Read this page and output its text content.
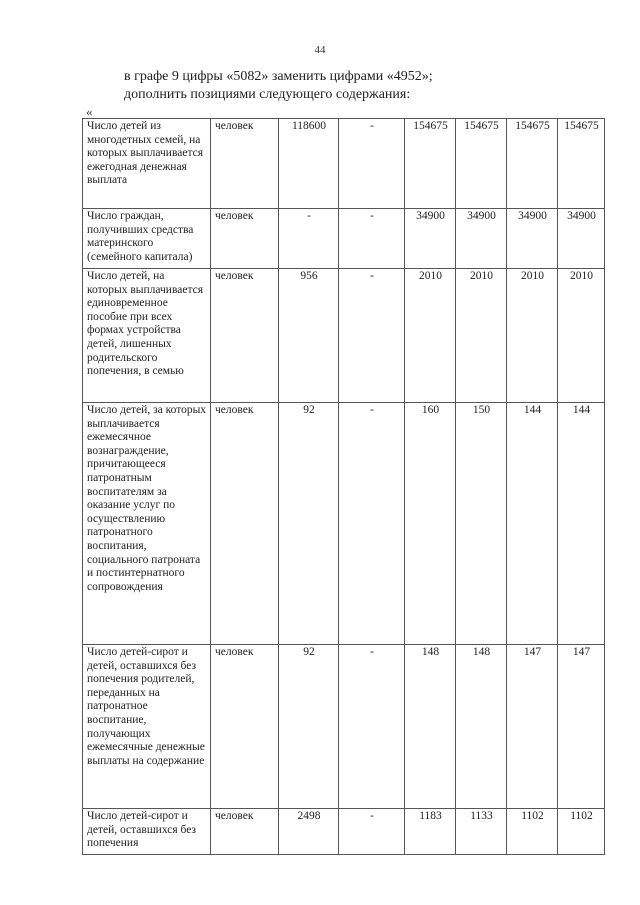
44
в графе 9 цифры «5082» заменить цифрами «4952»;
дополнить позициями следующего содержания:
«
Число детей из многодетных семей, на которых выплачивается ежегодная денежная выплата	человек	118600	-	154675	154675	154675	154675
Число граждан, получивших средства материнского (семейного капитала)	человек	-	-	34900	34900	34900	34900
Число детей, на которых выплачивается единовременное пособие при всех формах устройства детей, лишенных родительского попечения, в семью	человек	956	-	2010	2010	2010	2010
Число детей, за которых выплачивается ежемесячное вознаграждение, причитающееся патронатным воспитателям за оказание услуг по осуществлению патронатного воспитания, социального патроната и постинтернатного сопровождения	человек	92	-	160	150	144	144
Число детей-сирот и детей, оставшихся без попечения родителей, переданных на патронатное воспитание, получающих ежемесячные денежные выплаты на содержание	человек	92	-	148	148	147	147
Число детей-сирот и детей, оставшихся без попечения	человек	2498	-	1183	1133	1102	1102
